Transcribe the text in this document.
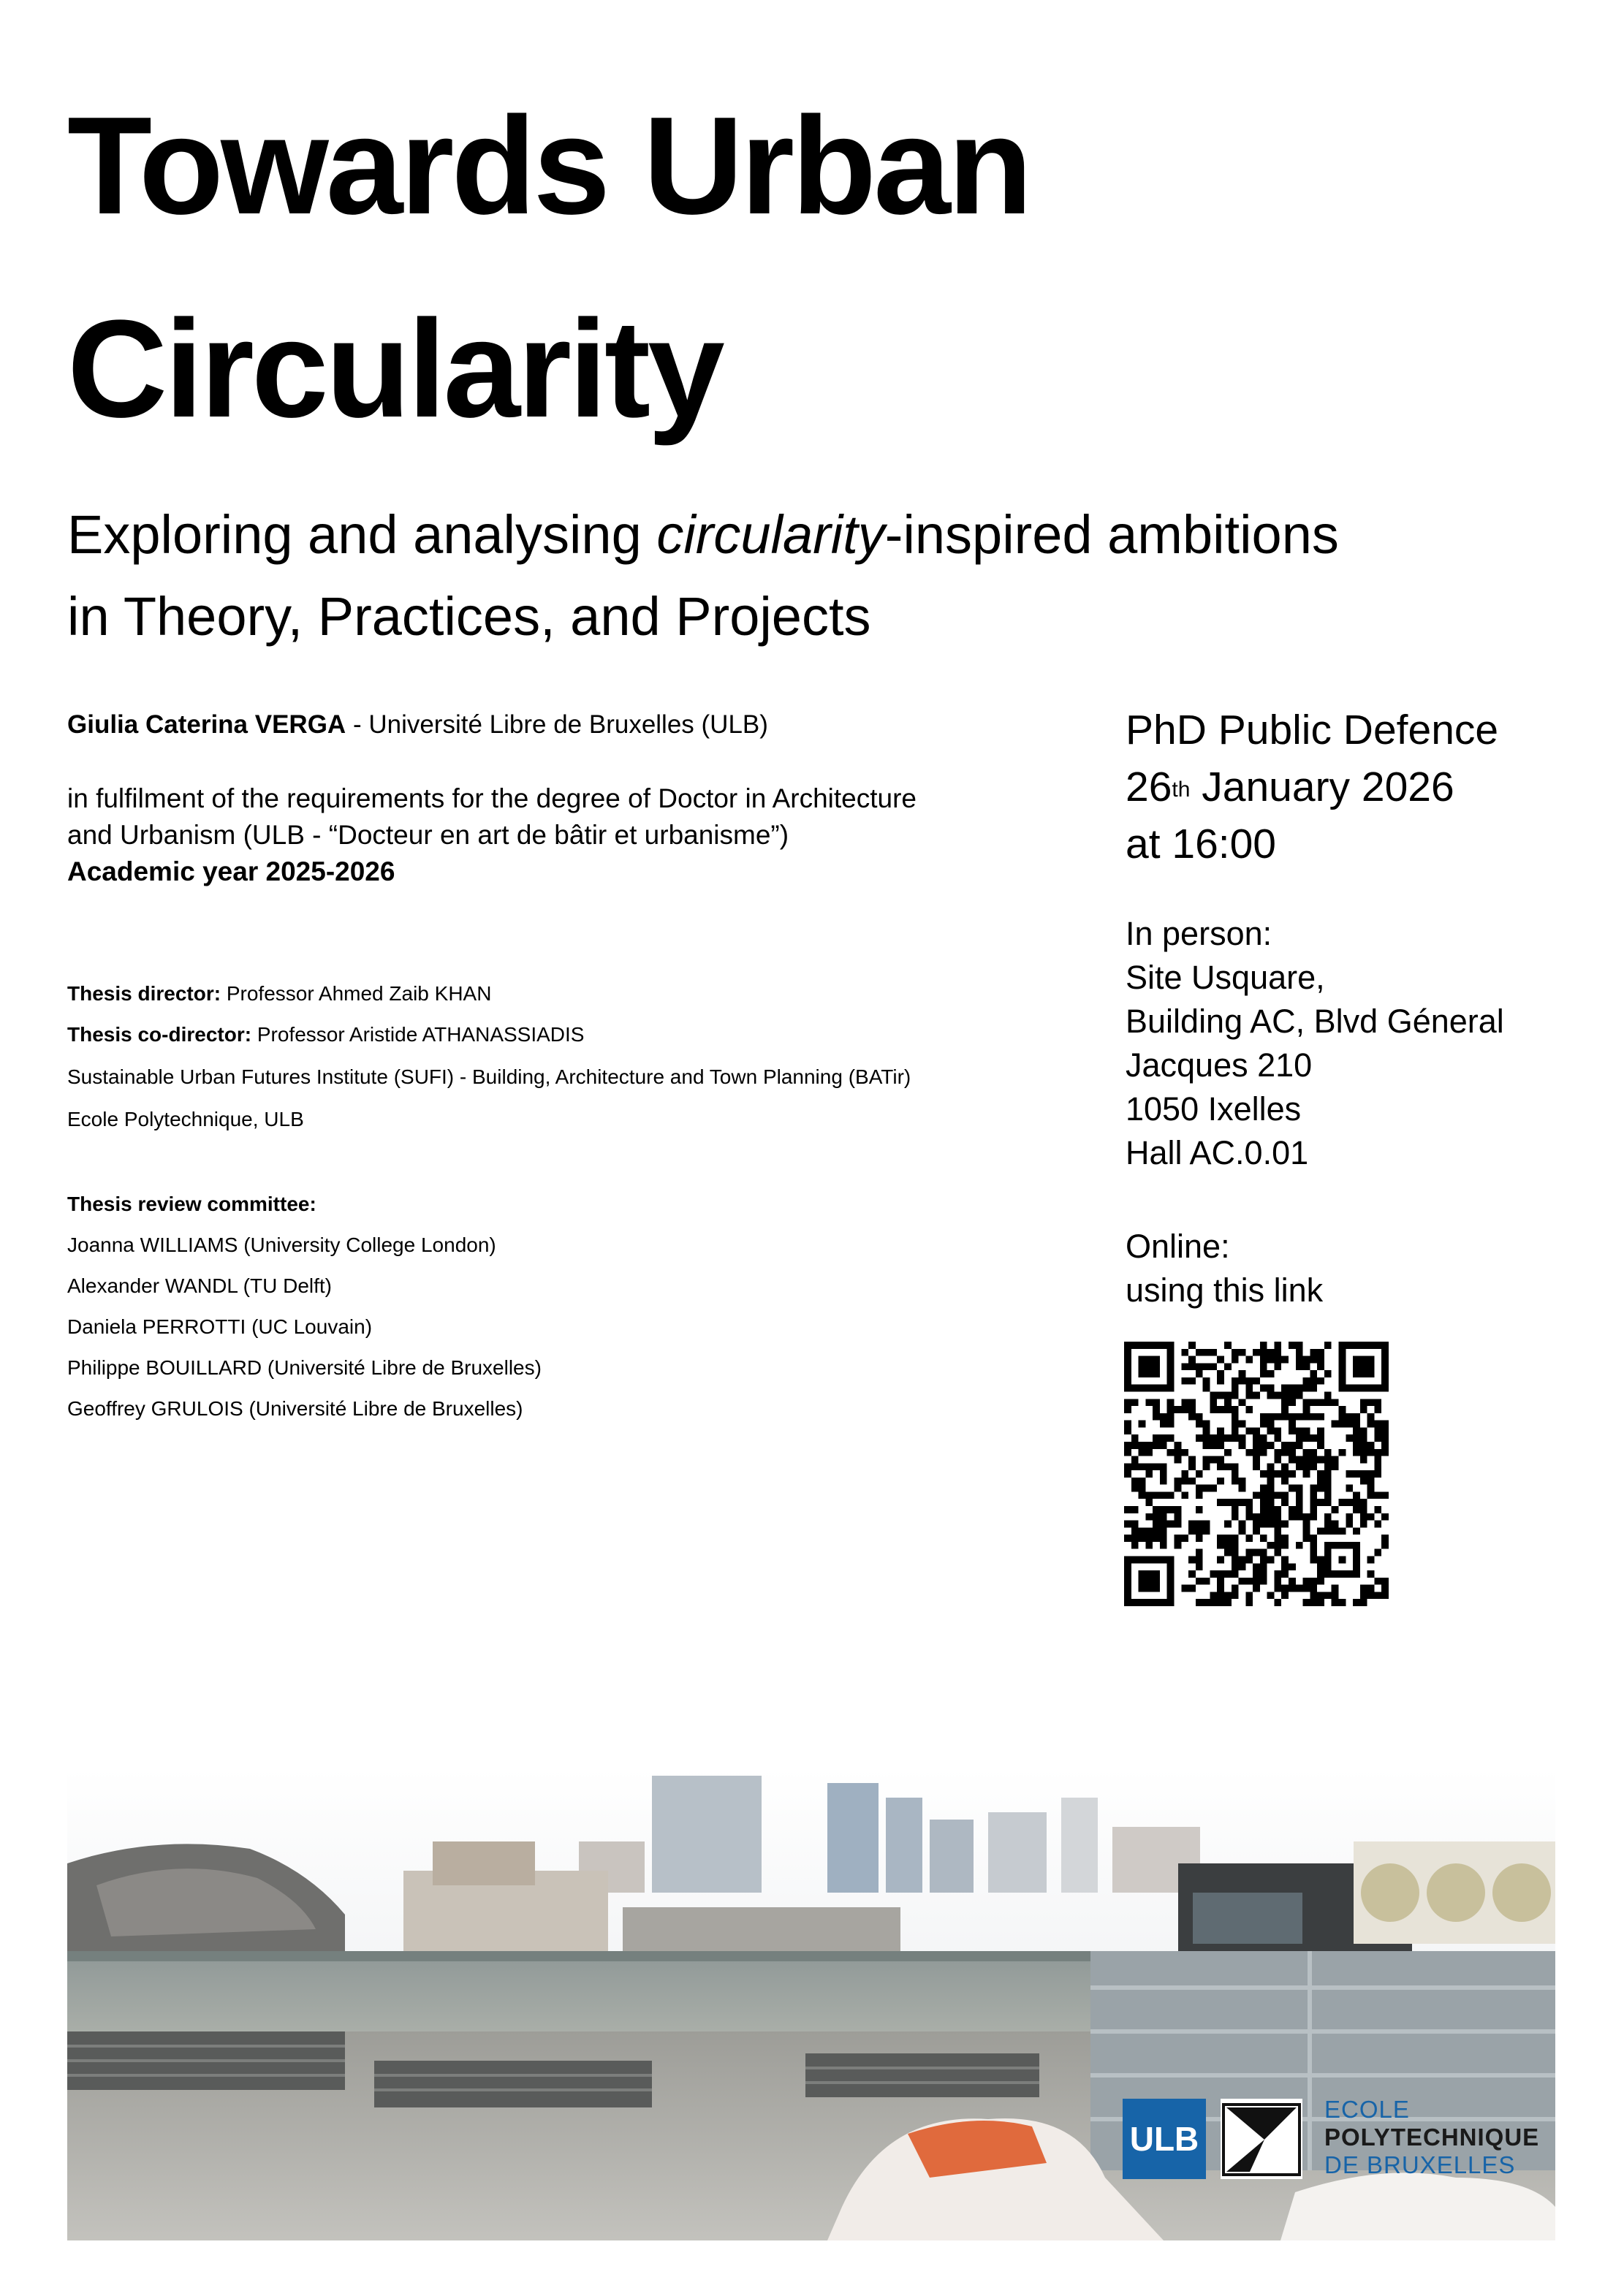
Towards Urban
Circularity

Exploring and analysing circularity-inspired ambitions
in Theory, Practices, and Projects

Giulia Caterina VERGA - Université Libre de Bruxelles (ULB)
in fulfilment of the requirements for the degree of Doctor in Architecture
and Urbanism (ULB - “Docteur en art de bâtir et urbanisme”)
Academic year 2025-2026
Thesis director: Professor Ahmed Zaib KHAN
Thesis co-director: Professor Aristide ATHANASSIADIS
Sustainable Urban Futures Institute (SUFI) - Building, Architecture and Town Planning (BATir)
Ecole Polytechnique, ULB
Thesis review committee:
Joanna WILLIAMS (University College London)
Alexander WANDL (TU Delft)
Daniela PERROTTI (UC Louvain)
Philippe BOUILLARD (Université Libre de Bruxelles)
Geoffrey GRULOIS (Université Libre de Bruxelles)
PhD Public Defence
26th January 2026
at 16:00
In person:
Site Usquare,
Building AC, Blvd Géneral
Jacques 210
1050 Ixelles
Hall AC.0.01
Online:
using this link
ULB
ECOLE
POLYTECHNIQUE
DE BRUXELLES
